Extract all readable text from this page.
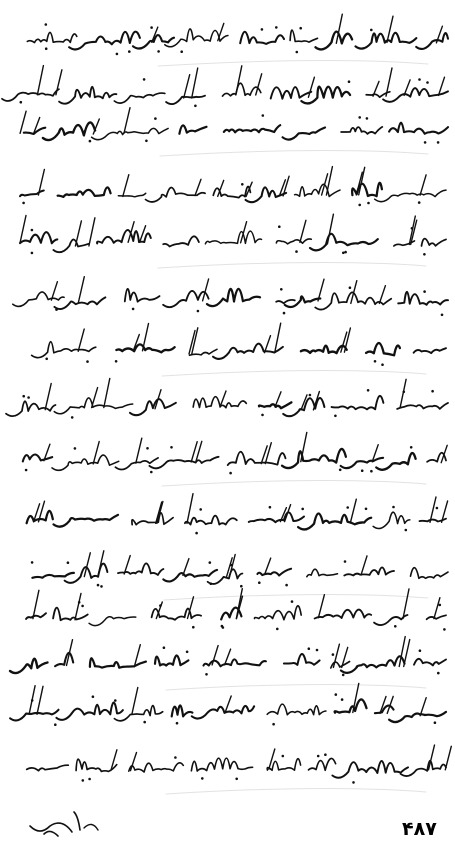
۴۸۷
